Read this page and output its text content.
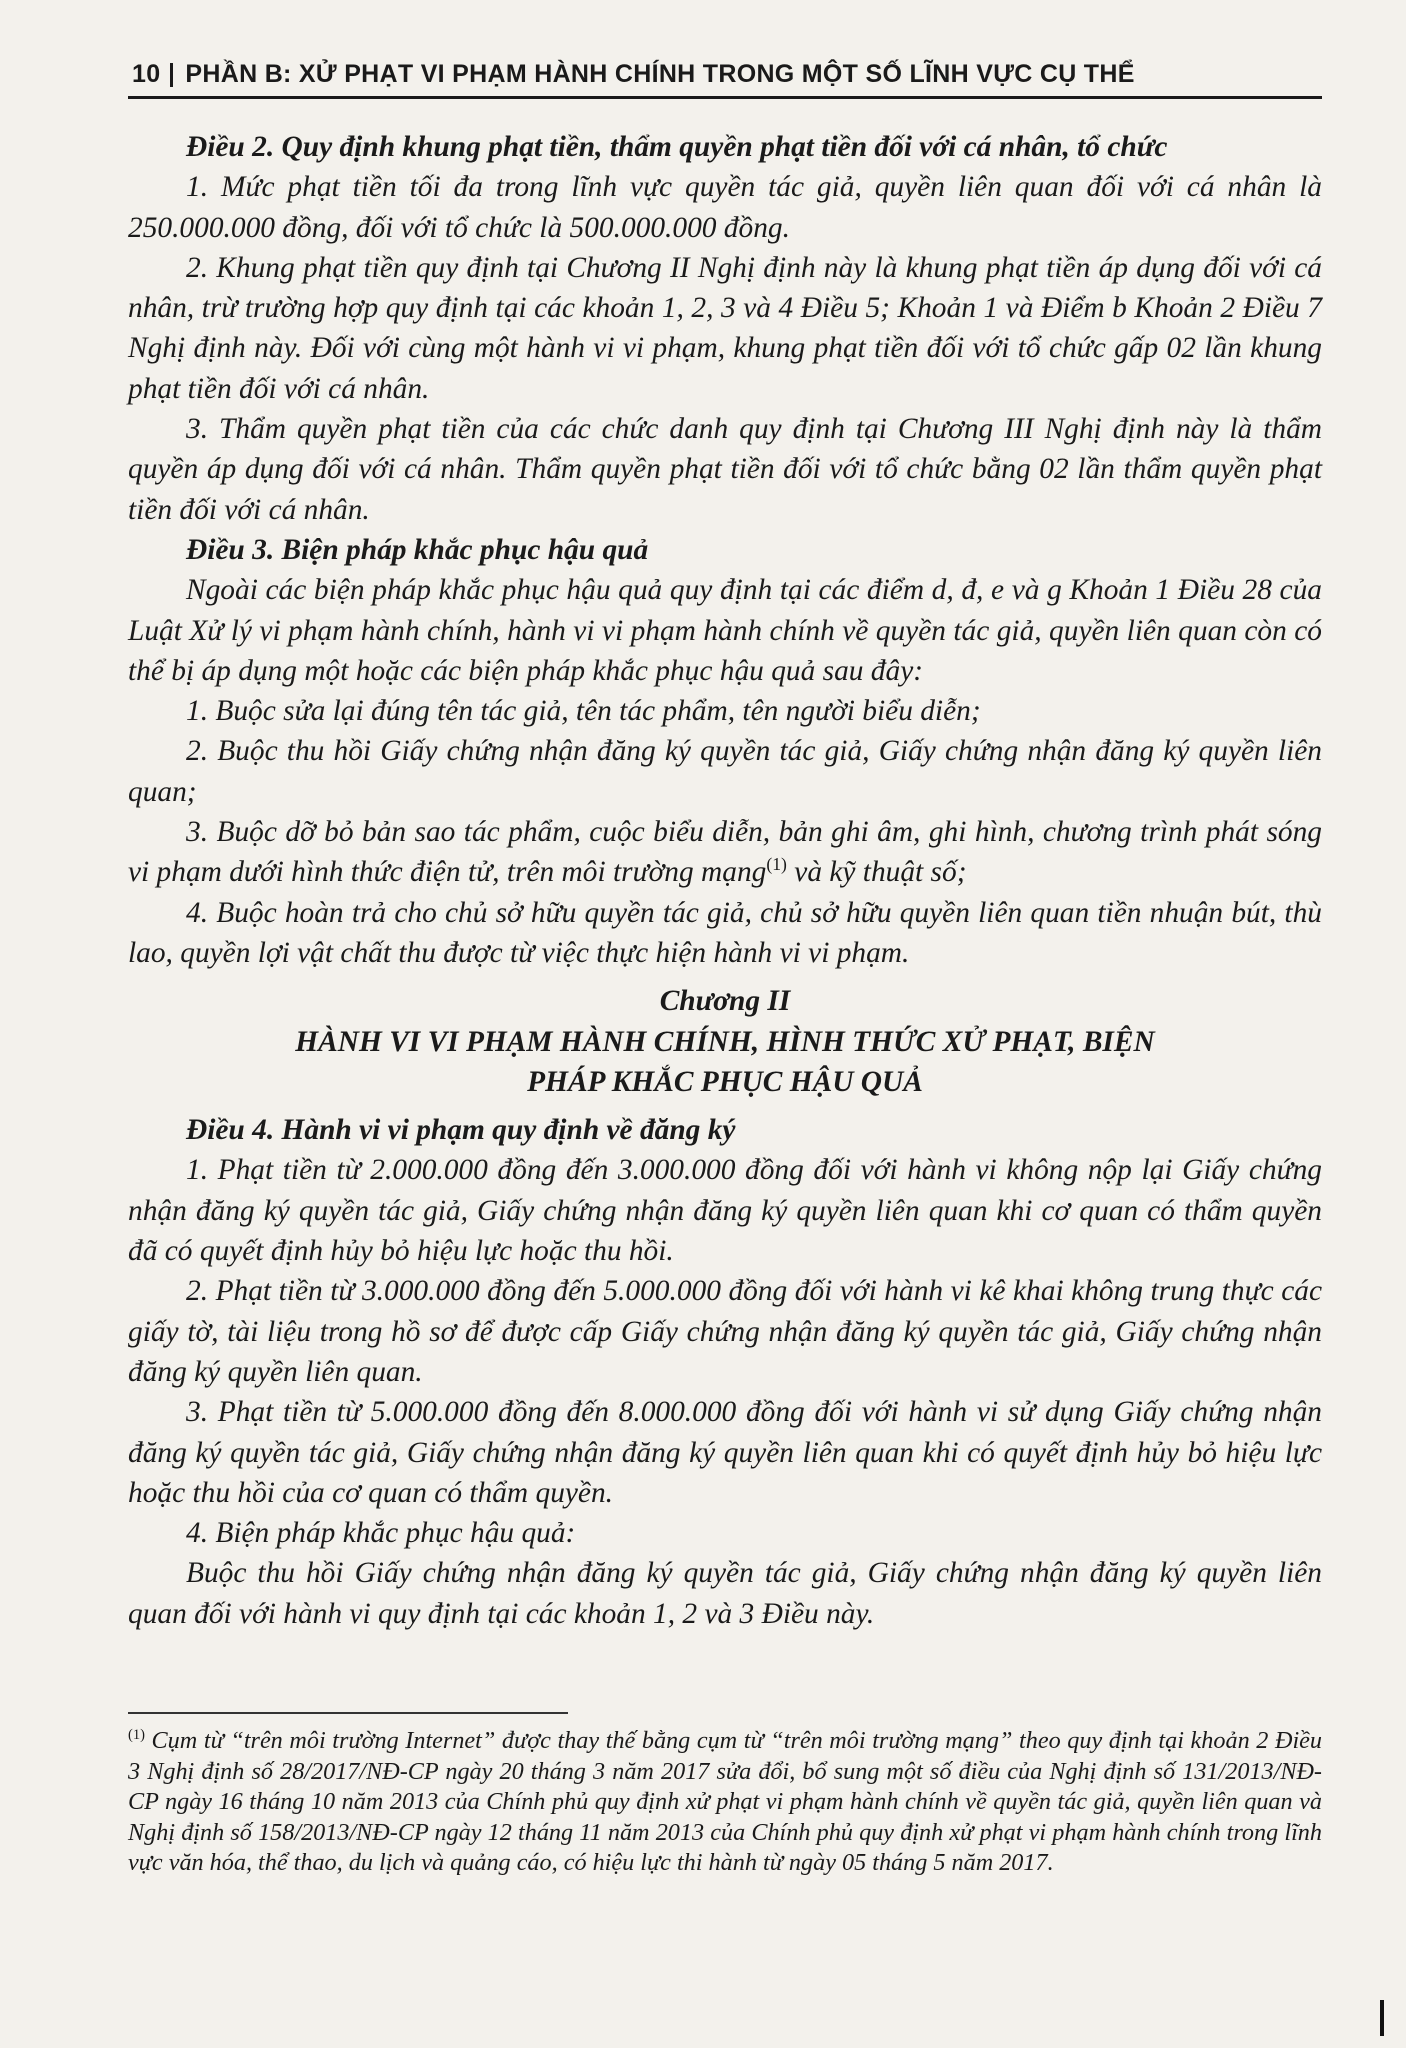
10 PHẦN B: XỬ PHẠT VI PHẠM HÀNH CHÍNH TRONG MỘT SỐ LĨNH VỰC CỤ THỂ

Điều 2. Quy định khung phạt tiền, thẩm quyền phạt tiền đối với cá nhân, tổ chức

1. Mức phạt tiền tối đa trong lĩnh vực quyền tác giả, quyền liên quan đối với cá nhân là 250.000.000 đồng, đối với tổ chức là 500.000.000 đồng.

2. Khung phạt tiền quy định tại Chương II Nghị định này là khung phạt tiền áp dụng đối với cá nhân, trừ trường hợp quy định tại các khoản 1, 2, 3 và 4 Điều 5; Khoản 1 và Điểm b Khoản 2 Điều 7 Nghị định này. Đối với cùng một hành vi vi phạm, khung phạt tiền đối với tổ chức gấp 02 lần khung phạt tiền đối với cá nhân.

3. Thẩm quyền phạt tiền của các chức danh quy định tại Chương III Nghị định này là thẩm quyền áp dụng đối với cá nhân. Thẩm quyền phạt tiền đối với tổ chức bằng 02 lần thẩm quyền phạt tiền đối với cá nhân.

Điều 3. Biện pháp khắc phục hậu quả

Ngoài các biện pháp khắc phục hậu quả quy định tại các điểm d, đ, e và g Khoản 1 Điều 28 của Luật Xử lý vi phạm hành chính, hành vi vi phạm hành chính về quyền tác giả, quyền liên quan còn có thể bị áp dụng một hoặc các biện pháp khắc phục hậu quả sau đây:

1. Buộc sửa lại đúng tên tác giả, tên tác phẩm, tên người biểu diễn;

2. Buộc thu hồi Giấy chứng nhận đăng ký quyền tác giả, Giấy chứng nhận đăng ký quyền liên quan;

3. Buộc dỡ bỏ bản sao tác phẩm, cuộc biểu diễn, bản ghi âm, ghi hình, chương trình phát sóng vi phạm dưới hình thức điện tử, trên môi trường mạng$^{(1)}$ và kỹ thuật số;

4. Buộc hoàn trả cho chủ sở hữu quyền tác giả, chủ sở hữu quyền liên quan tiền nhuận bút, thù lao, quyền lợi vật chất thu được từ việc thực hiện hành vi vi phạm.

Chương II
HÀNH VI VI PHẠM HÀNH CHÍNH, HÌNH THỨC XỬ PHẠT, BIỆN PHÁP KHẮC PHỤC HẬU QUẢ

Điều 4. Hành vi vi phạm quy định về đăng ký

1. Phạt tiền từ 2.000.000 đồng đến 3.000.000 đồng đối với hành vi không nộp lại Giấy chứng nhận đăng ký quyền tác giả, Giấy chứng nhận đăng ký quyền liên quan khi cơ quan có thẩm quyền đã có quyết định hủy bỏ hiệu lực hoặc thu hồi.

2. Phạt tiền từ 3.000.000 đồng đến 5.000.000 đồng đối với hành vi kê khai không trung thực các giấy tờ, tài liệu trong hồ sơ để được cấp Giấy chứng nhận đăng ký quyền tác giả, Giấy chứng nhận đăng ký quyền liên quan.

3. Phạt tiền từ 5.000.000 đồng đến 8.000.000 đồng đối với hành vi sử dụng Giấy chứng nhận đăng ký quyền tác giả, Giấy chứng nhận đăng ký quyền liên quan khi có quyết định hủy bỏ hiệu lực hoặc thu hồi của cơ quan có thẩm quyền.

4. Biện pháp khắc phục hậu quả:

Buộc thu hồi Giấy chứng nhận đăng ký quyền tác giả, Giấy chứng nhận đăng ký quyền liên quan đối với hành vi quy định tại các khoản 1, 2 và 3 Điều này.

$^{(1)}$ Cụm từ “trên môi trường Internet” được thay thế bằng cụm từ “trên môi trường mạng” theo quy định tại khoản 2 Điều 3 Nghị định số 28/2017/NĐ-CP ngày 20 tháng 3 năm 2017 sửa đổi, bổ sung một số điều của Nghị định số 131/2013/NĐ-CP ngày 16 tháng 10 năm 2013 của Chính phủ quy định xử phạt vi phạm hành chính về quyền tác giả, quyền liên quan và Nghị định số 158/2013/NĐ-CP ngày 12 tháng 11 năm 2013 của Chính phủ quy định xử phạt vi phạm hành chính trong lĩnh vực văn hóa, thể thao, du lịch và quảng cáo, có hiệu lực thi hành từ ngày 05 tháng 5 năm 2017.
